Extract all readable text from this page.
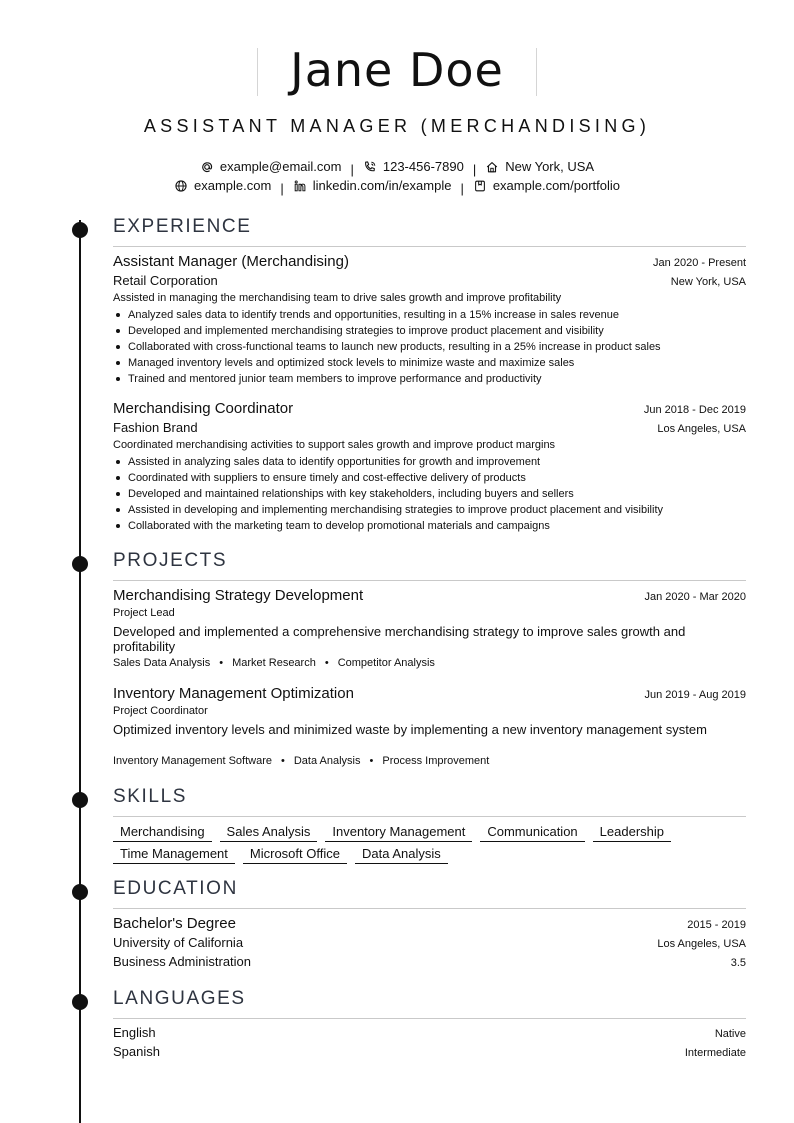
Jane Doe
ASSISTANT MANAGER (MERCHANDISING)
example@email.com | 123-456-7890 | New York, USA
example.com | linkedin.com/in/example | example.com/portfolio
EXPERIENCE
Assistant Manager (Merchandising)	Jan 2020 - Present
Retail Corporation	New York, USA
Assisted in managing the merchandising team to drive sales growth and improve profitability
Analyzed sales data to identify trends and opportunities, resulting in a 15% increase in sales revenue
Developed and implemented merchandising strategies to improve product placement and visibility
Collaborated with cross-functional teams to launch new products, resulting in a 25% increase in product sales
Managed inventory levels and optimized stock levels to minimize waste and maximize sales
Trained and mentored junior team members to improve performance and productivity
Merchandising Coordinator	Jun 2018 - Dec 2019
Fashion Brand	Los Angeles, USA
Coordinated merchandising activities to support sales growth and improve product margins
Assisted in analyzing sales data to identify opportunities for growth and improvement
Coordinated with suppliers to ensure timely and cost-effective delivery of products
Developed and maintained relationships with key stakeholders, including buyers and sellers
Assisted in developing and implementing merchandising strategies to improve product placement and visibility
Collaborated with the marketing team to develop promotional materials and campaigns
PROJECTS
Merchandising Strategy Development	Jan 2020 - Mar 2020
Project Lead
Developed and implemented a comprehensive merchandising strategy to improve sales growth and profitability
Sales Data Analysis • Market Research • Competitor Analysis
Inventory Management Optimization	Jun 2019 - Aug 2019
Project Coordinator
Optimized inventory levels and minimized waste by implementing a new inventory management system
Inventory Management Software • Data Analysis • Process Improvement
SKILLS
Merchandising Sales Analysis Inventory Management Communication Leadership
Time Management Microsoft Office Data Analysis
EDUCATION
Bachelor's Degree	2015 - 2019
University of California	Los Angeles, USA
Business Administration	3.5
LANGUAGES
English	Native
Spanish	Intermediate
